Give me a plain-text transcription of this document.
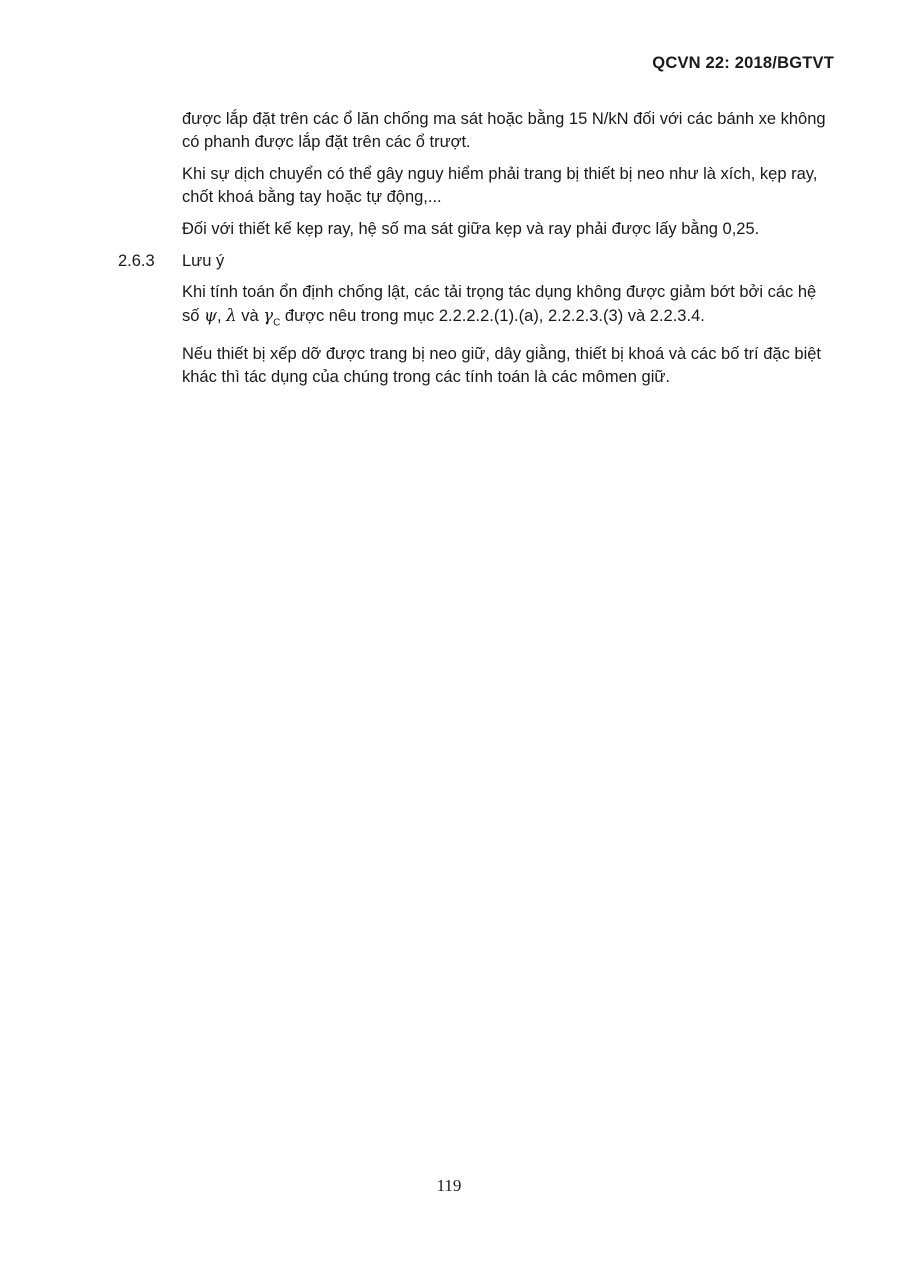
QCVN 22: 2018/BGTVT

được lắp đặt trên các ổ lăn chống ma sát hoặc bằng 15 N/kN đối với các bánh xe không có phanh được lắp đặt trên các ổ trượt.

Khi sự dịch chuyển có thể gây nguy hiểm phải trang bị thiết bị neo như là xích, kẹp ray, chốt khoá bằng tay hoặc tự động,...

Đối với thiết kế kẹp ray, hệ số ma sát giữa kẹp và ray phải được lấy bằng 0,25.

2.6.3	Lưu ý

Khi tính toán ổn định chống lật, các tải trọng tác dụng không được giảm bớt bởi các hệ số ψ, λ và $\gamma_C$ được nêu trong mục 2.2.2.2.(1).(a), 2.2.2.3.(3) và 2.2.3.4.

Nếu thiết bị xếp dỡ được trang bị neo giữ, dây giằng, thiết bị khoá và các bố trí đặc biệt khác thì tác dụng của chúng trong các tính toán là các mômen giữ.

119
